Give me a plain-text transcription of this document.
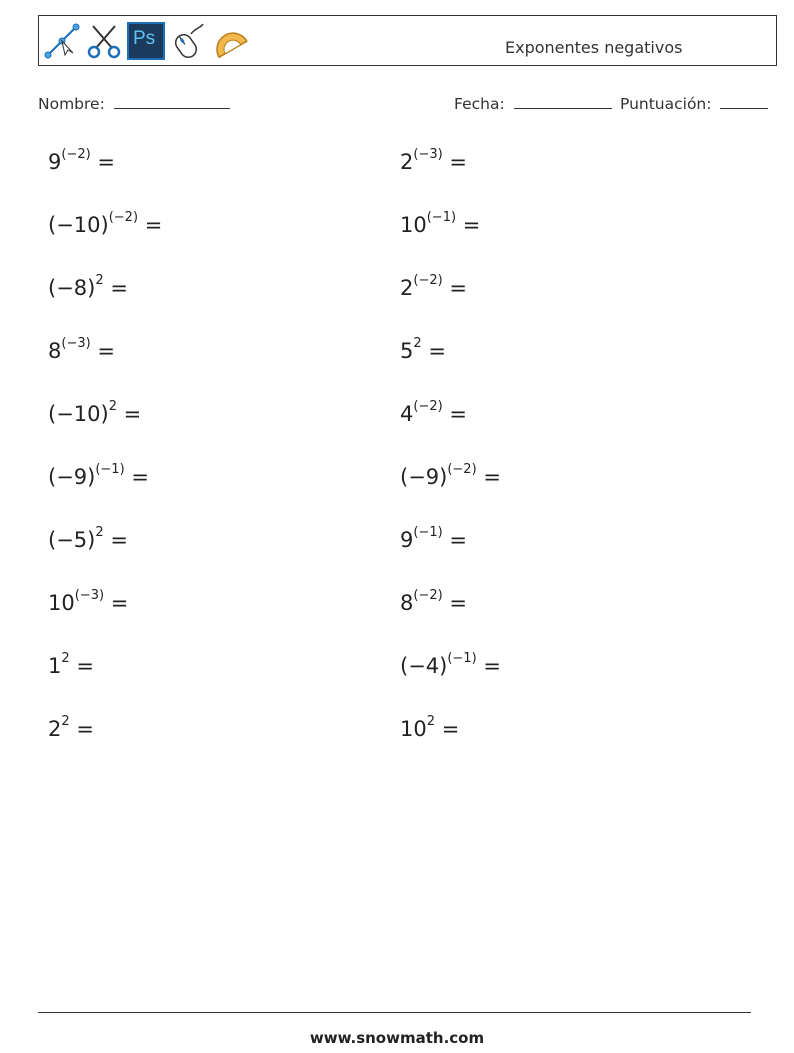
Ps	Exponentes negativos
Nombre:	Fecha:	Puntuación:
$9^{(-2)}$ =	$2^{(-3)}$ =
$(-10)^{(-2)}$ =	$10^{(-1)}$ =
$(-8)^2$ =	$2^{(-2)}$ =
$8^{(-3)}$ =	$5^2$ =
$(-10)^2$ =	$4^{(-2)}$ =
$(-9)^{(-1)}$ =	$(-9)^{(-2)}$ =
$(-5)^2$ =	$9^{(-1)}$ =
$10^{(-3)}$ =	$8^{(-2)}$ =
$1^2$ =	$(-4)^{(-1)}$ =
$2^2$ =	$10^2$ =
www.snowmath.com
